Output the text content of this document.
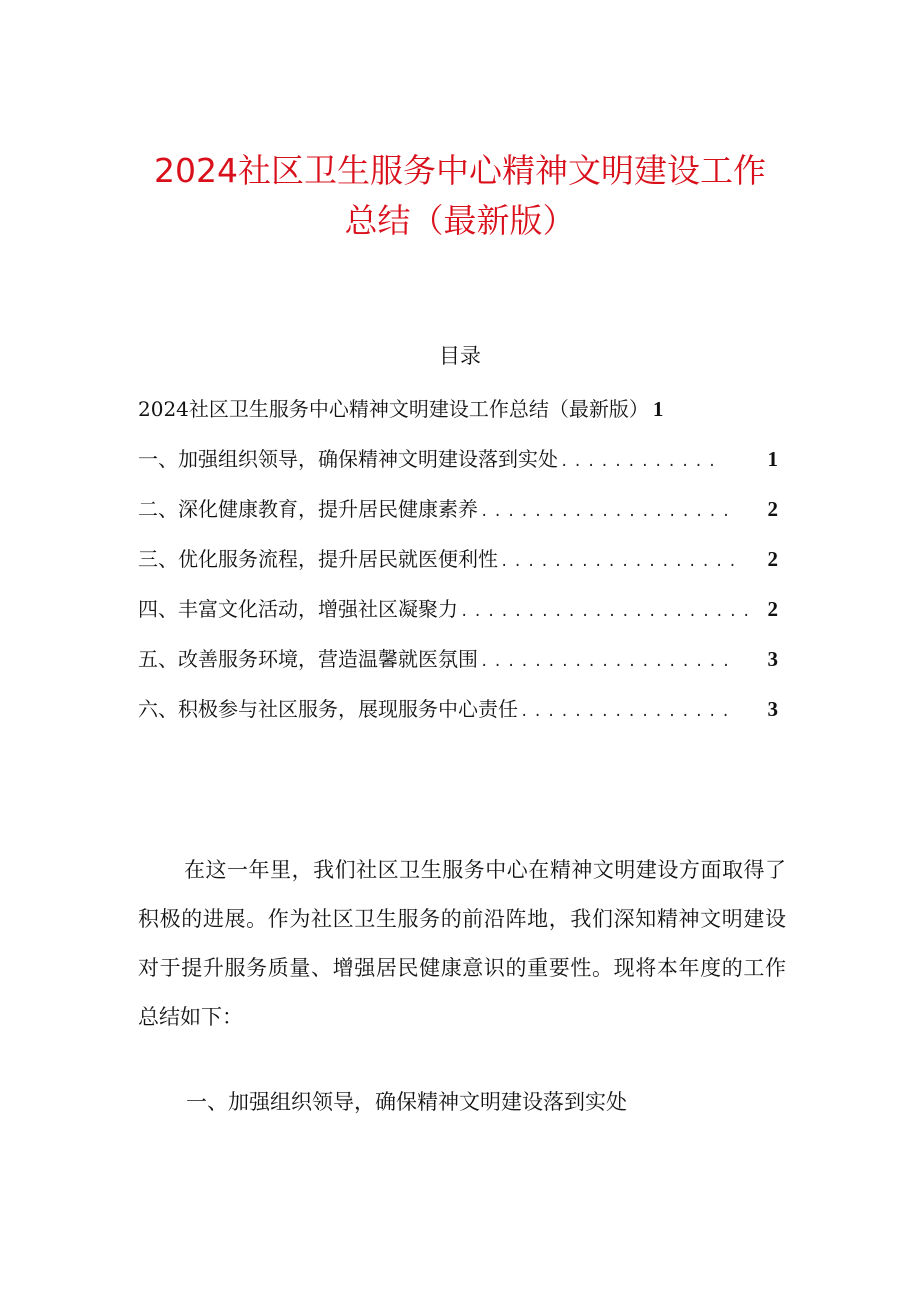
2024社区卫生服务中心精神文明建设工作
总结（最新版）
目录
2024社区卫生服务中心精神文明建设工作总结（最新版） 1
一、加强组织领导，确保精神文明建设落到实处 ............	1
二、深化健康教育，提升居民健康素养 ...................	2
三、优化服务流程，提升居民就医便利性 ..................	2
四、丰富文化活动，增强社区凝聚力 ...................... 2
五、改善服务环境，营造温馨就医氛围 ...................	3
六、积极参与社区服务，展现服务中心责任 ................	3

在这一年里，我们社区卫生服务中心在精神文明建设方面取得了积极的进展。作为社区卫生服务的前沿阵地，我们深知精神文明建设对于提升服务质量、增强居民健康意识的重要性。现将本年度的工作总结如下：

一、加强组织领导，确保精神文明建设落到实处
